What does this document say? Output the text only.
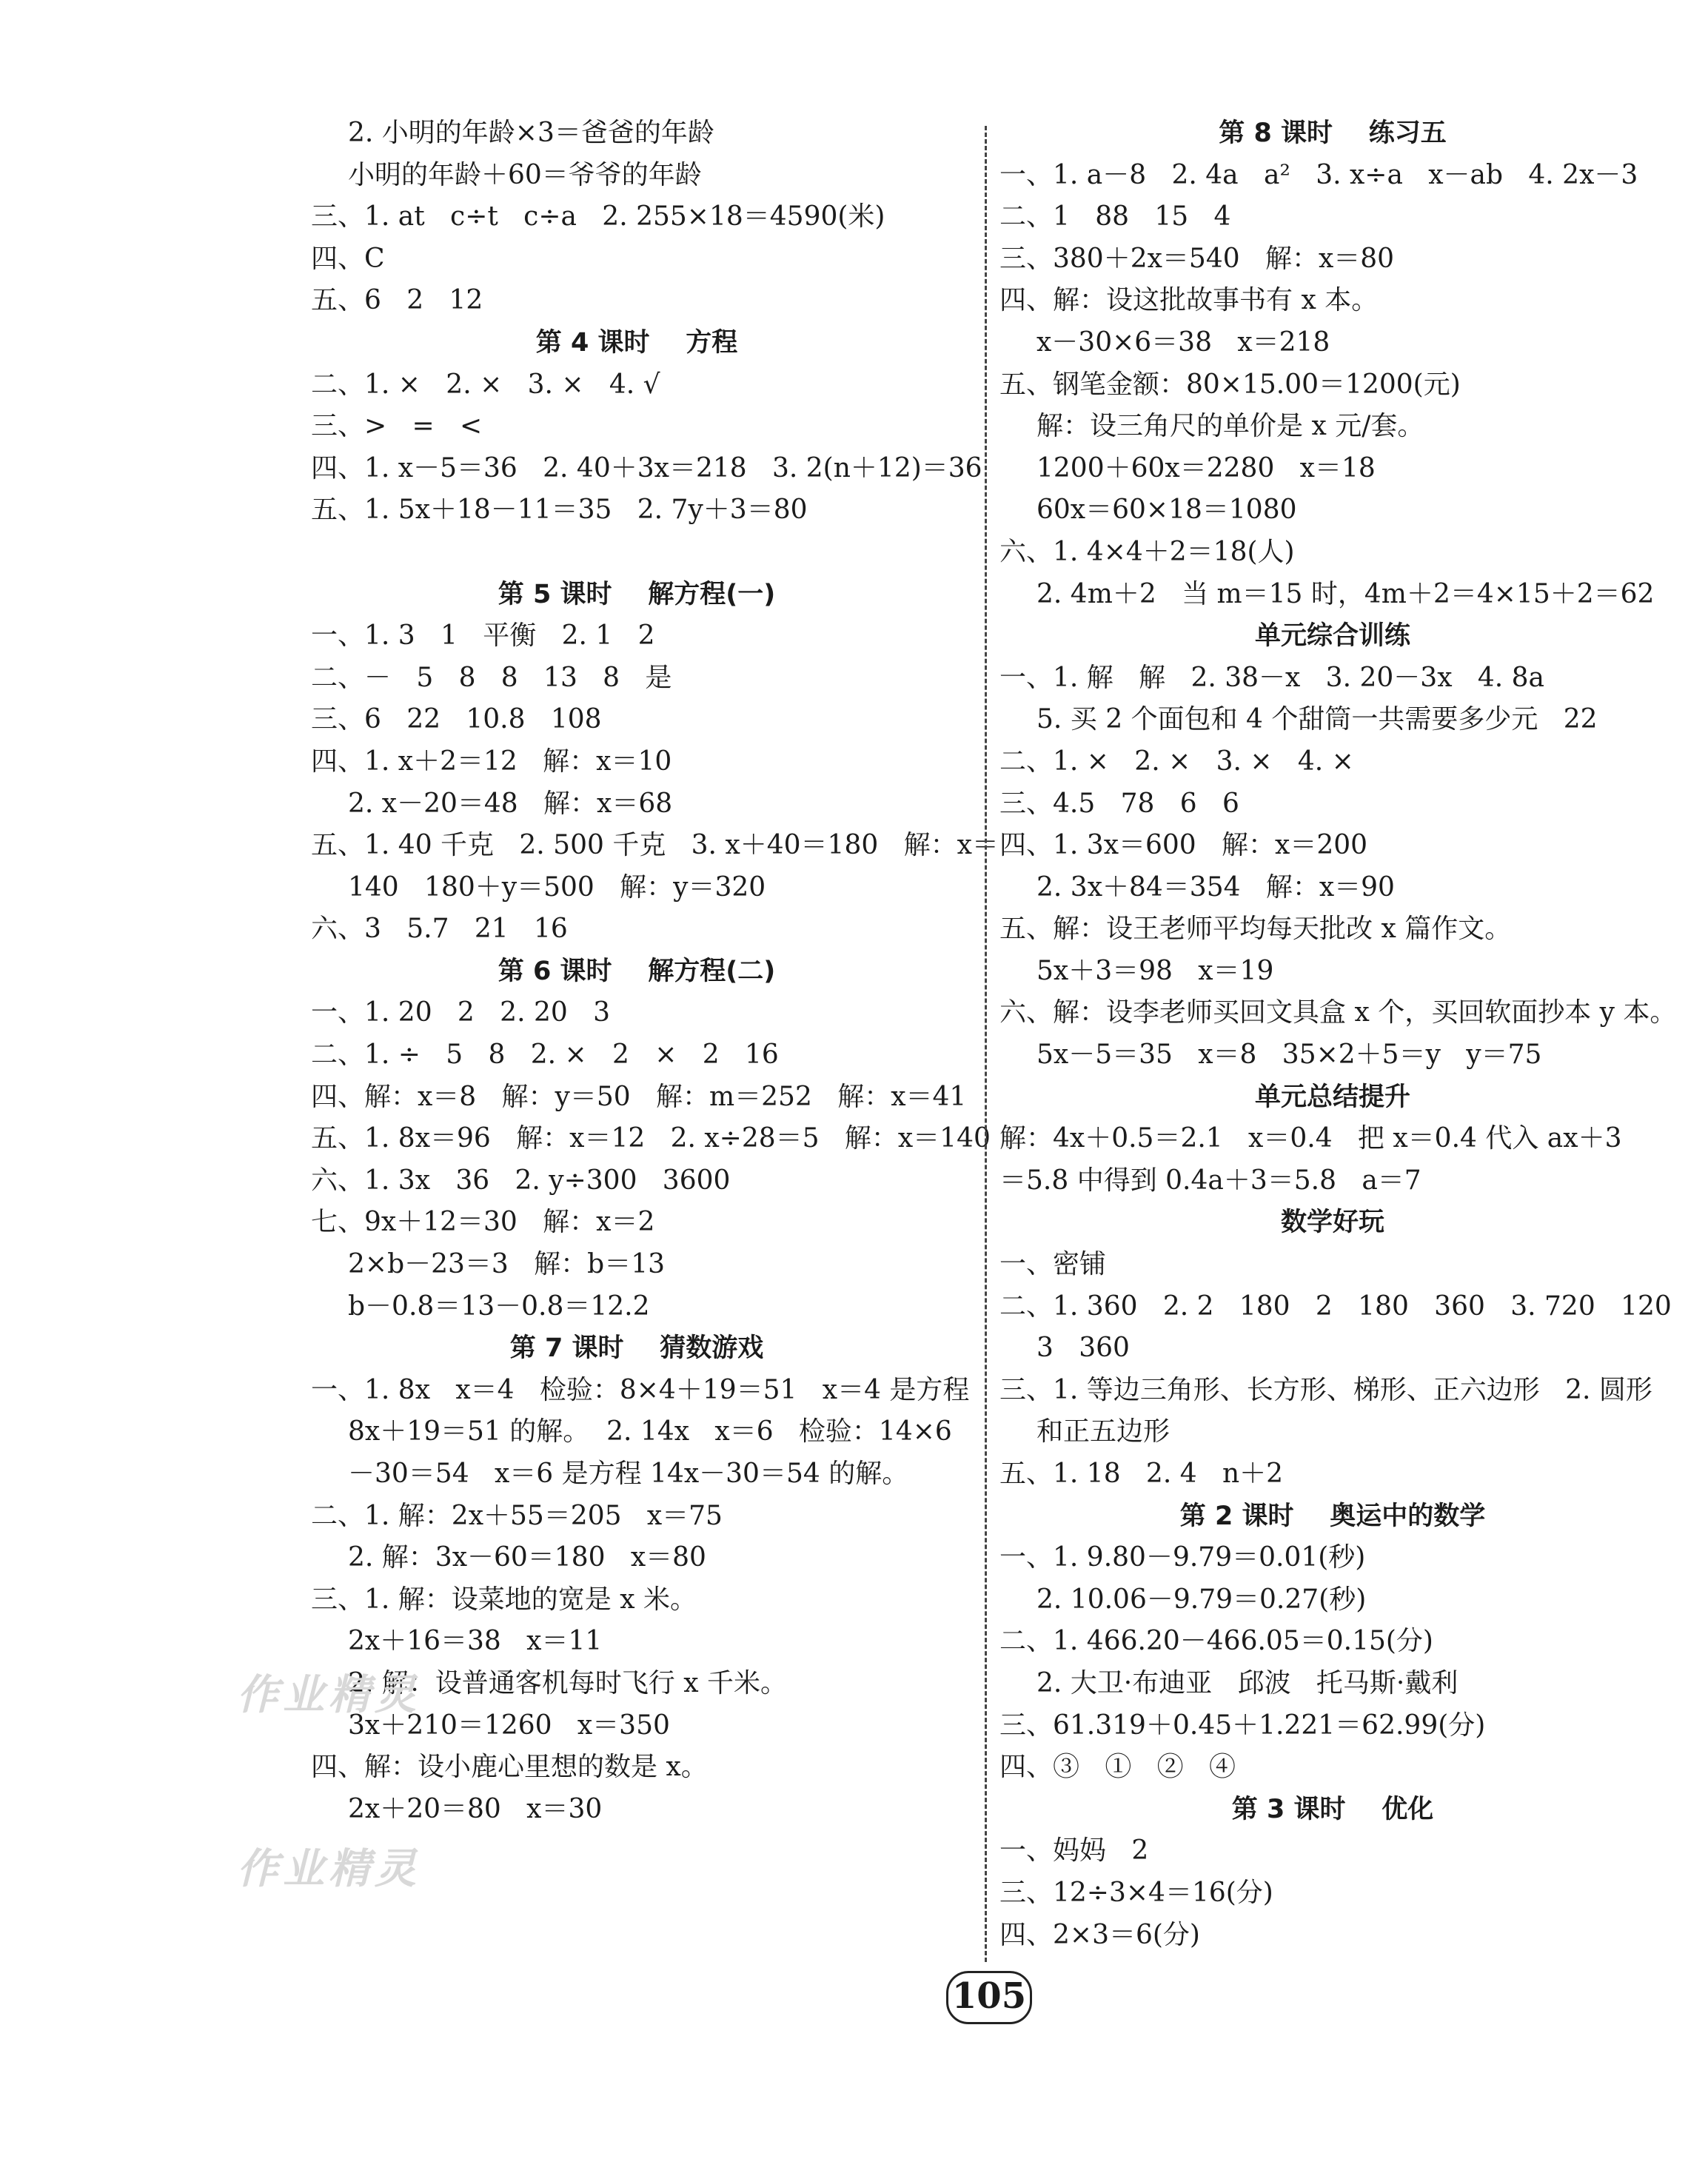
2. 小明的年龄×3＝爸爸的年龄
小明的年龄＋60＝爷爷的年龄
三、1. at   c÷t   c÷a   2. 255×18＝4590(米)
四、C
五、6   2   12
第 4 课时    方程
二、1. ×   2. ×   3. ×   4. √
三、>   =   <
四、1. x－5＝36   2. 40＋3x＝218   3. 2(n＋12)＝36
五、1. 5x＋18－11＝35   2. 7y＋3＝80
第 5 课时    解方程(一)
一、1. 3   1   平衡   2. 1   2
二、－   5   8   8   13   8   是
三、6   22   10.8   108
四、1. x＋2＝12   解：x＝10
2. x－20＝48   解：x＝68
五、1. 40 千克   2. 500 千克   3. x＋40＝180   解：x＝
140   180＋y＝500   解：y＝320
六、3   5.7   21   16
第 6 课时    解方程(二)
一、1. 20   2   2. 20   3
二、1. ÷   5   8   2. ×   2   ×   2   16
四、解：x＝8   解：y＝50   解：m＝252   解：x＝41
五、1. 8x＝96   解：x＝12   2. x÷28＝5   解：x＝140
六、1. 3x   36   2. y÷300   3600
七、9x＋12＝30   解：x＝2
2×b－23＝3   解：b＝13
b－0.8＝13－0.8＝12.2
第 7 课时    猜数游戏
一、1. 8x   x＝4   检验：8×4＋19＝51   x＝4 是方程
8x＋19＝51 的解。  2. 14x   x＝6   检验：14×6
－30＝54   x＝6 是方程 14x－30＝54 的解。
二、1. 解：2x＋55＝205   x＝75
2. 解：3x－60＝180   x＝80
三、1. 解：设菜地的宽是 x 米。
2x＋16＝38   x＝11
2. 解：设普通客机每时飞行 x 千米。
3x＋210＝1260   x＝350
四、解：设小鹿心里想的数是 x。
2x＋20＝80   x＝30
第 8 课时    练习五
一、1. a－8   2. 4a   a²   3. x÷a   x－ab   4. 2x－3
二、1   88   15   4
三、380＋2x＝540   解：x＝80
四、解：设这批故事书有 x 本。
x－30×6＝38   x＝218
五、钢笔金额：80×15.00＝1200(元)
解：设三角尺的单价是 x 元/套。
1200＋60x＝2280   x＝18
60x＝60×18＝1080
六、1. 4×4＋2＝18(人)
2. 4m＋2   当 m＝15 时，4m＋2＝4×15＋2＝62
单元综合训练
一、1. 解   解   2. 38－x   3. 20－3x   4. 8a
5. 买 2 个面包和 4 个甜筒一共需要多少元   22
二、1. ×   2. ×   3. ×   4. ×
三、4.5   78   6   6
四、1. 3x＝600   解：x＝200
2. 3x＋84＝354   解：x＝90
五、解：设王老师平均每天批改 x 篇作文。
5x＋3＝98   x＝19
六、解：设李老师买回文具盒 x 个，买回软面抄本 y 本。
5x－5＝35   x＝8   35×2＋5＝y   y＝75
单元总结提升
解：4x＋0.5＝2.1   x＝0.4   把 x＝0.4 代入 ax＋3
＝5.8 中得到 0.4a＋3＝5.8   a＝7
数学好玩
一、密铺
二、1. 360   2. 2   180   2   180   360   3. 720   120
3   360
三、1. 等边三角形、长方形、梯形、正六边形   2. 圆形
和正五边形
五、1. 18   2. 4   n＋2
第 2 课时    奥运中的数学
一、1. 9.80－9.79＝0.01(秒)
2. 10.06－9.79＝0.27(秒)
二、1. 466.20－466.05＝0.15(分)
2. 大卫·布迪亚   邱波   托马斯·戴利
三、61.319＋0.45＋1.221＝62.99(分)
四、③   ①   ②   ④
第 3 课时    优化
一、妈妈   2
三、12÷3×4＝16(分)
四、2×3＝6(分)
作业精灵
作业精灵
105
